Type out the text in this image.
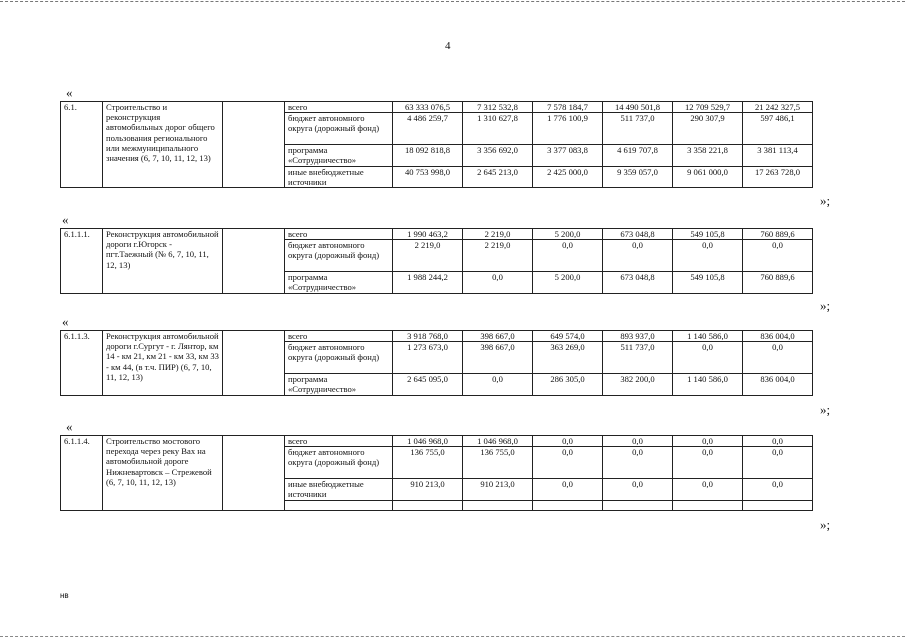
4
«
6.1.	Строительство и реконструкция автомобильных дорог общего пользования регионального или межмуниципального значения (6, 7, 10, 11, 12, 13)		всего	63 333 076,5	7 312 532,8	7 578 184,7	14 490 501,8	12 709 529,7	21 242 327,5
			бюджет автономного округа (дорожный фонд)	4 486 259,7	1 310 627,8	1 776 100,9	511 737,0	290 307,9	597 486,1
			программа «Сотрудничество»	18 092 818,8	3 356 692,0	3 377 083,8	4 619 707,8	3 358 221,8	3 381 113,4
			иные внебюджетные источники	40 753 998,0	2 645 213,0	2 425 000,0	9 359 057,0	9 061 000,0	17 263 728,0
»;
«
6.1.1.1.	Реконструкция автомобильной дороги г.Югорск - пгт.Таежный (№ 6, 7, 10, 11, 12, 13)		всего	1 990 463,2	2 219,0	5 200,0	673 048,8	549 105,8	760 889,6
			бюджет автономного округа (дорожный фонд)	2 219,0	2 219,0	0,0	0,0	0,0	0,0
			программа «Сотрудничество»	1 988 244,2	0,0	5 200,0	673 048,8	549 105,8	760 889,6
»;
«
6.1.1.3.	Реконструкция автомобильной дороги г.Сургут - г. Лянтор, км 14 - км 21, км 21 - км 33, км 33 - км 44, (в т.ч. ПИР) (6, 7, 10, 11, 12, 13)		всего	3 918 768,0	398 667,0	649 574,0	893 937,0	1 140 586,0	836 004,0
			бюджет автономного округа (дорожный фонд)	1 273 673,0	398 667,0	363 269,0	511 737,0	0,0	0,0
			программа «Сотрудничество»	2 645 095,0	0,0	286 305,0	382 200,0	1 140 586,0	836 004,0
»;
«
6.1.1.4.	Строительство мостового перехода через реку Вах на автомобильной дороге Нижневартовск – Стрежевой (6, 7, 10, 11, 12, 13)		всего	1 046 968,0	1 046 968,0	0,0	0,0	0,0	0,0
			бюджет автономного округа (дорожный фонд)	136 755,0	136 755,0	0,0	0,0	0,0	0,0
			иные внебюджетные источники	910 213,0	910 213,0	0,0	0,0	0,0	0,0

»;
нв
